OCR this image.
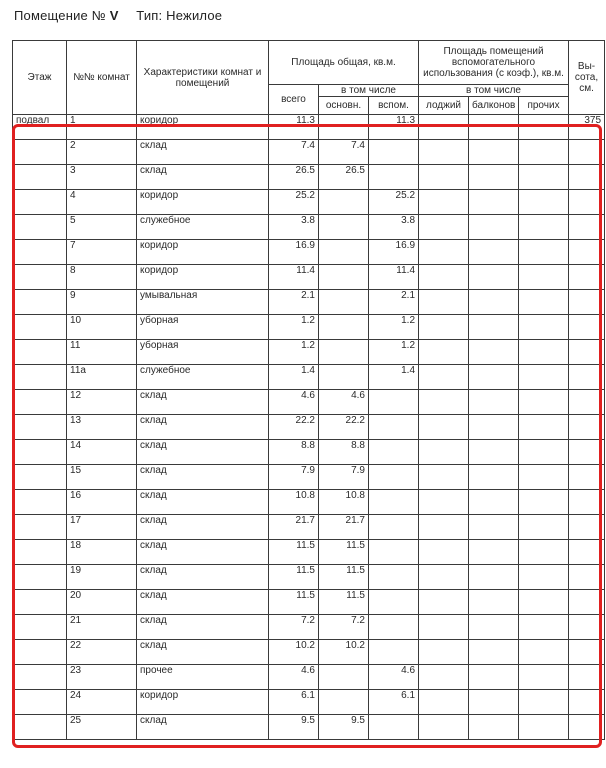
Помещение № V Тип: Нежилое
Этаж	№№ комнат	Характеристики комнат и помещений	Площадь общая, кв.м.			Площадь помещений вспомогательного использования (с коэф.), кв.м.			Вы-сота, см.
			всего	в том числе		в том числе			
				основн.	вспом.	лоджий	балконов	прочих	
подвал	1	коридор	11.3		11.3				375
	2	склад	7.4	7.4					
	3	склад	26.5	26.5					
	4	коридор	25.2		25.2				
	5	служебное	3.8		3.8				
	7	коридор	16.9		16.9				
	8	коридор	11.4		11.4				
	9	умывальная	2.1		2.1				
	10	уборная	1.2		1.2				
	11	уборная	1.2		1.2				
	11а	служебное	1.4		1.4				
	12	склад	4.6	4.6					
	13	склад	22.2	22.2					
	14	склад	8.8	8.8					
	15	склад	7.9	7.9					
	16	склад	10.8	10.8					
	17	склад	21.7	21.7					
	18	склад	11.5	11.5					
	19	склад	11.5	11.5					
	20	склад	11.5	11.5					
	21	склад	7.2	7.2					
	22	склад	10.2	10.2					
	23	прочее	4.6		4.6				
	24	коридор	6.1		6.1				
	25	склад	9.5	9.5					
